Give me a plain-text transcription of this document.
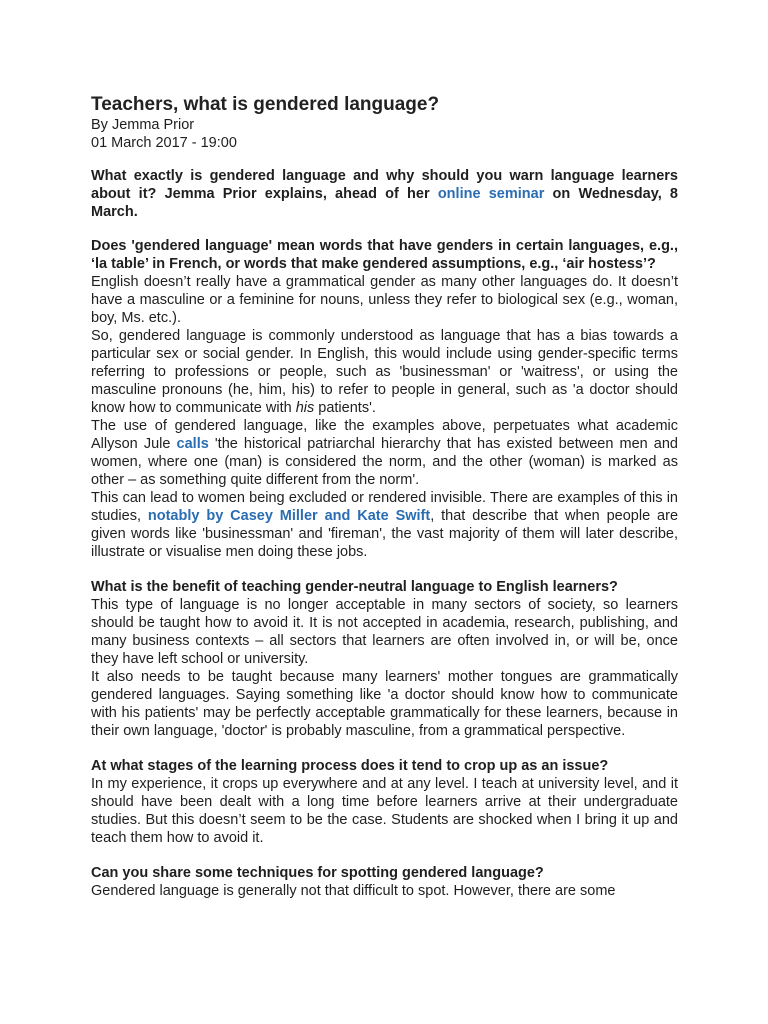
Teachers, what is gendered language?

By Jemma Prior

01 March 2017 - 19:00

What exactly is gendered language and why should you warn language learners about it? Jemma Prior explains, ahead of her online seminar on Wednesday, 8 March.
Does 'gendered language' mean words that have genders in certain languages, e.g., ‘la table’ in French, or words that make gendered assumptions, e.g., ‘air hostess’?

English doesn’t really have a grammatical gender as many other languages do. It doesn’t have a masculine or a feminine for nouns, unless they refer to biological sex (e.g., woman, boy, Ms. etc.).

So, gendered language is commonly understood as language that has a bias towards a particular sex or social gender. In English, this would include using gender-specific terms referring to professions or people, such as 'businessman' or 'waitress', or using the masculine pronouns (he, him, his) to refer to people in general, such as 'a doctor should know how to communicate with his patients'.

The use of gendered language, like the examples above, perpetuates what academic Allyson Jule calls 'the historical patriarchal hierarchy that has existed between men and women, where one (man) is considered the norm, and the other (woman) is marked as other – as something quite different from the norm'.

This can lead to women being excluded or rendered invisible. There are examples of this in studies, notably by Casey Miller and Kate Swift, that describe that when people are given words like 'businessman' and 'fireman', the vast majority of them will later describe, illustrate or visualise men doing these jobs.

What is the benefit of teaching gender-neutral language to English learners?

This type of language is no longer acceptable in many sectors of society, so learners should be taught how to avoid it. It is not accepted in academia, research, publishing, and many business contexts – all sectors that learners are often involved in, or will be, once they have left school or university.

It also needs to be taught because many learners' mother tongues are grammatically gendered languages. Saying something like 'a doctor should know how to communicate with his patients' may be perfectly acceptable grammatically for these learners, because in their own language, 'doctor' is probably masculine, from a grammatical perspective.

At what stages of the learning process does it tend to crop up as an issue?

In my experience, it crops up everywhere and at any level. I teach at university level, and it should have been dealt with a long time before learners arrive at their undergraduate studies. But this doesn’t seem to be the case. Students are shocked when I bring it up and teach them how to avoid it.

Can you share some techniques for spotting gendered language?

Gendered language is generally not that difficult to spot. However, there are some
